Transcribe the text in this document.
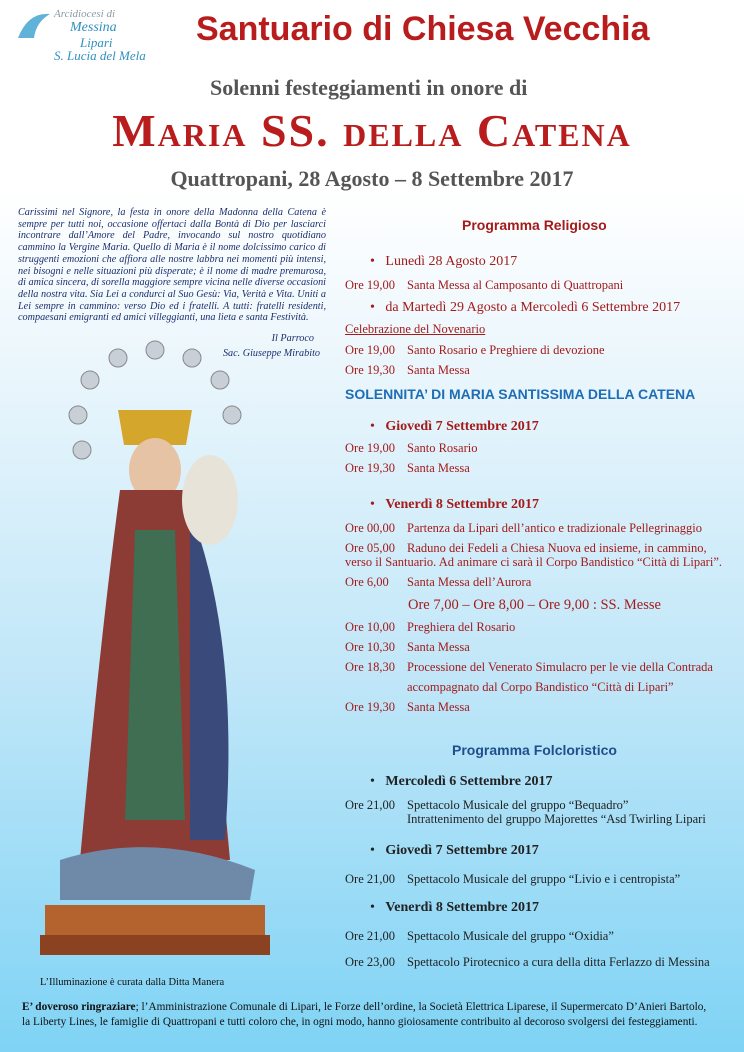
Arcidiocesi di
Messina
Lipari
S. Lucia del Mela
Santuario di Chiesa Vecchia
Solenni festeggiamenti in onore di
Maria SS. della Catena
Quattropani, 28 Agosto – 8 Settembre 2017
Carissimi nel Signore, la festa in onore della Madonna della Catena è sempre per tutti noi, occasione offertaci dalla Bontà di Dio per lasciarci incontrare dall’Amore del Padre, invocando sul nostro quotidiano cammino la Vergine Maria. Quello di Maria è il nome dolcissimo carico di struggenti emozioni che affiora alle nostre labbra nei momenti più intensi, nei bisogni e nelle situazioni più disperate; è il nome di madre premurosa, di amica sincera, di sorella maggiore sempre vicina nelle diverse occasioni della nostra vita. Sia Lei a condurci al Suo Gesù: Via, Verità e Vita. Uniti a Lei sempre in cammino: verso Dio ed i fratelli. A tutti: fratelli residenti, compaesani emigranti ed amici villeggianti, una lieta e santa Festività.
Il Parroco
Sac. Giuseppe Mirabito
Programma Religioso
• Lunedì 28 Agosto 2017
Ore 19,00 Santa Messa al Camposanto di Quattropani
• da Martedì 29 Agosto a Mercoledì 6 Settembre 2017
Celebrazione del Novenario
Ore 19,00 Santo Rosario e Preghiere di devozione
Ore 19,30 Santa Messa
SOLENNITA’ DI MARIA SANTISSIMA DELLA CATENA
• Giovedì 7 Settembre 2017
Ore 19,00 Santo Rosario
Ore 19,30 Santa Messa
• Venerdì 8 Settembre 2017
Ore 00,00 Partenza da Lipari dell’antico e tradizionale Pellegrinaggio
Ore 05,00 Raduno dei Fedeli a Chiesa Nuova ed insieme, in cammino,
verso il Santuario. Ad animare ci sarà il Corpo Bandistico “Città di Lipari”.
Ore 6,00 Santa Messa dell’Aurora
Ore 7,00 – Ore 8,00 – Ore 9,00 : SS. Messe
Ore 10,00 Preghiera del Rosario
Ore 10,30 Santa Messa
Ore 18,30 Processione del Venerato Simulacro per le vie della Contrada
accompagnato dal Corpo Bandistico “Città di Lipari”
Ore 19,30 Santa Messa
Programma Folcloristico
• Mercoledì 6 Settembre 2017
Ore 21,00 Spettacolo Musicale del gruppo “Bequadro”
Intrattenimento del gruppo Majorettes “Asd Twirling Lipari
• Giovedì 7 Settembre 2017
Ore 21,00 Spettacolo Musicale del gruppo “Livio e i centropista”
• Venerdì 8 Settembre 2017
Ore 21,00 Spettacolo Musicale del gruppo “Oxidia”
Ore 23,00 Spettacolo Pirotecnico a cura della ditta Ferlazzo di Messina
L’Illuminazione è curata dalla Ditta Manera
E’ doveroso ringraziare; l’Amministrazione Comunale di Lipari, le Forze dell’ordine, la Società Elettrica Liparese, il Supermercato D’Anieri Bartolo,
la Liberty Lines, le famiglie di Quattropani e tutti coloro che, in ogni modo, hanno gioiosamente contribuito al decoroso svolgersi dei festeggiamenti.
